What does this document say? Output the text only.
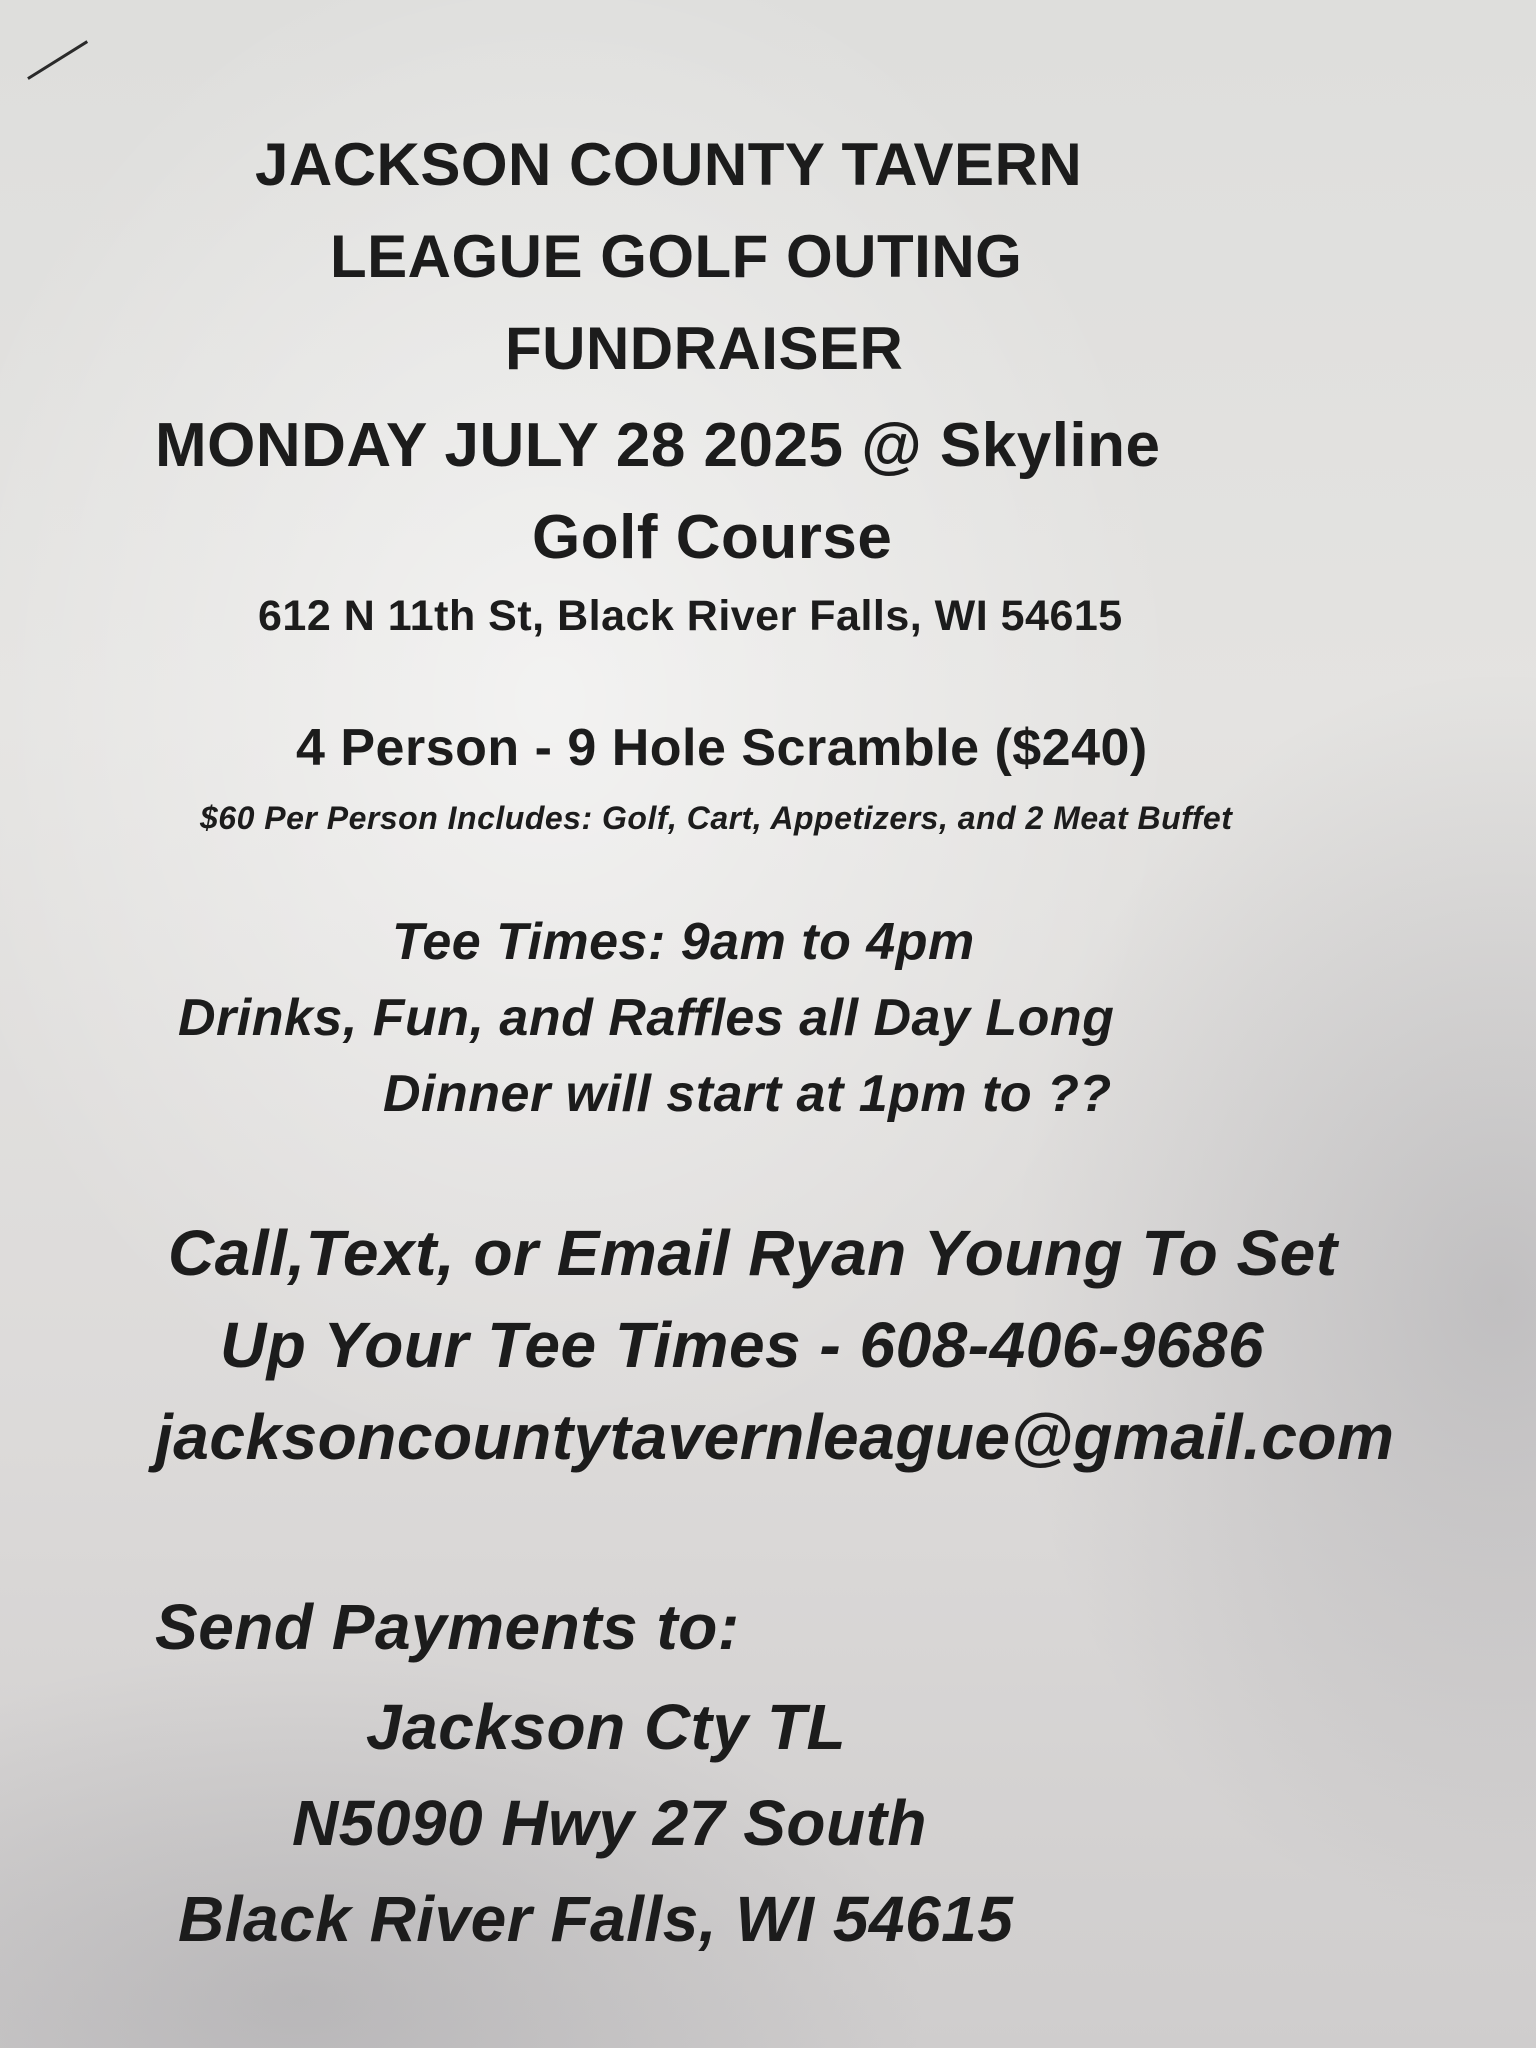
JACKSON COUNTY TAVERN
LEAGUE GOLF OUTING
FUNDRAISER
MONDAY JULY 28 2025 @ Skyline
Golf Course
612 N 11th St, Black River Falls, WI 54615
4 Person - 9 Hole Scramble ($240)
$60 Per Person Includes: Golf, Cart, Appetizers, and 2 Meat Buffet
Tee Times: 9am to 4pm
Drinks, Fun, and Raffles all Day Long
Dinner will start at 1pm to ??
Call,Text, or Email Ryan Young To Set
Up Your Tee Times - 608-406-9686
jacksoncountytavernleague@gmail.com
Send Payments to:
Jackson Cty TL
N5090 Hwy 27 South
Black River Falls, WI 54615
